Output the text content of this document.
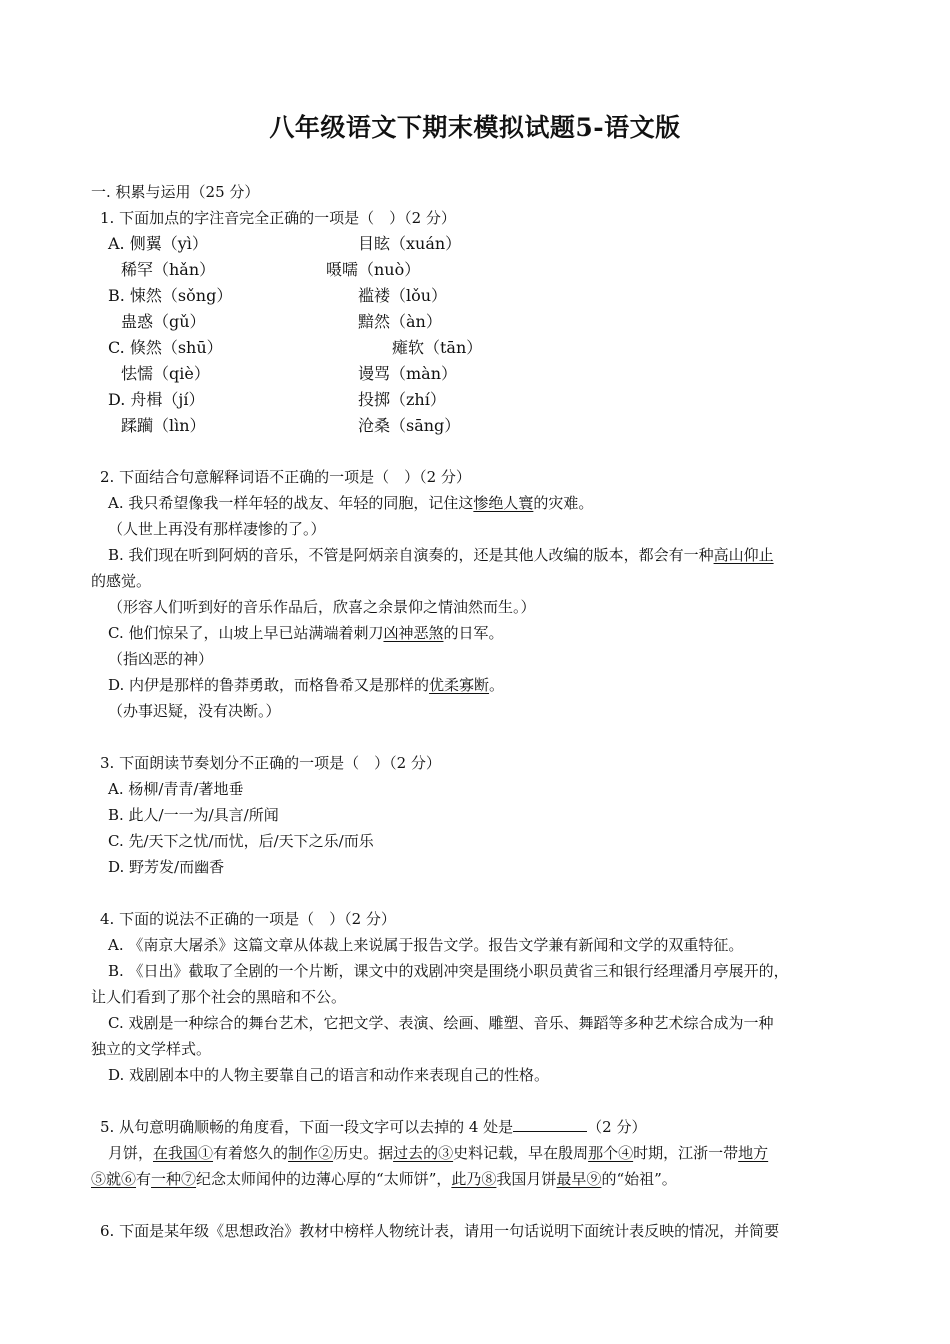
八年级语文下期末模拟试题5-语文版
一. 积累与运用（25 分）
1. 下面加点的字注音完全正确的一项是（　）（2 分）
A. 侧翼（yì）	目眩（xuán）
稀罕（hǎn）	嗫嚅（nuò）
B. 悚然（sǒng）	褴褛（lǒu）
蛊惑（gǔ）	黯然（àn）
C. 倏然（shū）	瘫软（tān）
怯懦（qiè）	谩骂（màn）
D. 舟楫（jí）	投掷（zhí）
蹂躏（lìn）	沧桑（sāng）
2. 下面结合句意解释词语不正确的一项是（　）（2 分）
A. 我只希望像我一样年轻的战友、年轻的同胞，记住这惨绝人寰的灾难。
（人世上再没有那样凄惨的了。）
B. 我们现在听到阿炳的音乐，不管是阿炳亲自演奏的，还是其他人改编的版本，都会有一种高山仰止
的感觉。
（形容人们听到好的音乐作品后，欣喜之余景仰之情油然而生。）
C. 他们惊呆了，山坡上早已站满端着刺刀凶神恶煞的日军。
（指凶恶的神）
D. 内伊是那样的鲁莽勇敢，而格鲁希又是那样的优柔寡断。
（办事迟疑，没有决断。）
3. 下面朗读节奏划分不正确的一项是（　）（2 分）
A. 杨柳/青青/著地垂
B. 此人/一一为/具言/所闻
C. 先/天下之忧/而忧，后/天下之乐/而乐
D. 野芳发/而幽香
4. 下面的说法不正确的一项是（　）（2 分）
A. 《南京大屠杀》这篇文章从体裁上来说属于报告文学。报告文学兼有新闻和文学的双重特征。
B. 《日出》截取了全剧的一个片断，课文中的戏剧冲突是围绕小职员黄省三和银行经理潘月亭展开的，
让人们看到了那个社会的黑暗和不公。
C. 戏剧是一种综合的舞台艺术，它把文学、表演、绘画、雕塑、音乐、舞蹈等多种艺术综合成为一种
独立的文学样式。
D. 戏剧剧本中的人物主要靠自己的语言和动作来表现自己的性格。
5. 从句意明确顺畅的角度看，下面一段文字可以去掉的 4 处是	（2 分）
月饼，在我国①有着悠久的制作②历史。据过去的③史料记载，早在殷周那个④时期，江浙一带地方
⑤就⑥有一种⑦纪念太师闻仲的边薄心厚的“太师饼”，此乃⑧我国月饼最早⑨的“始祖”。
6. 下面是某年级《思想政治》教材中榜样人物统计表，请用一句话说明下面统计表反映的情况，并简要
